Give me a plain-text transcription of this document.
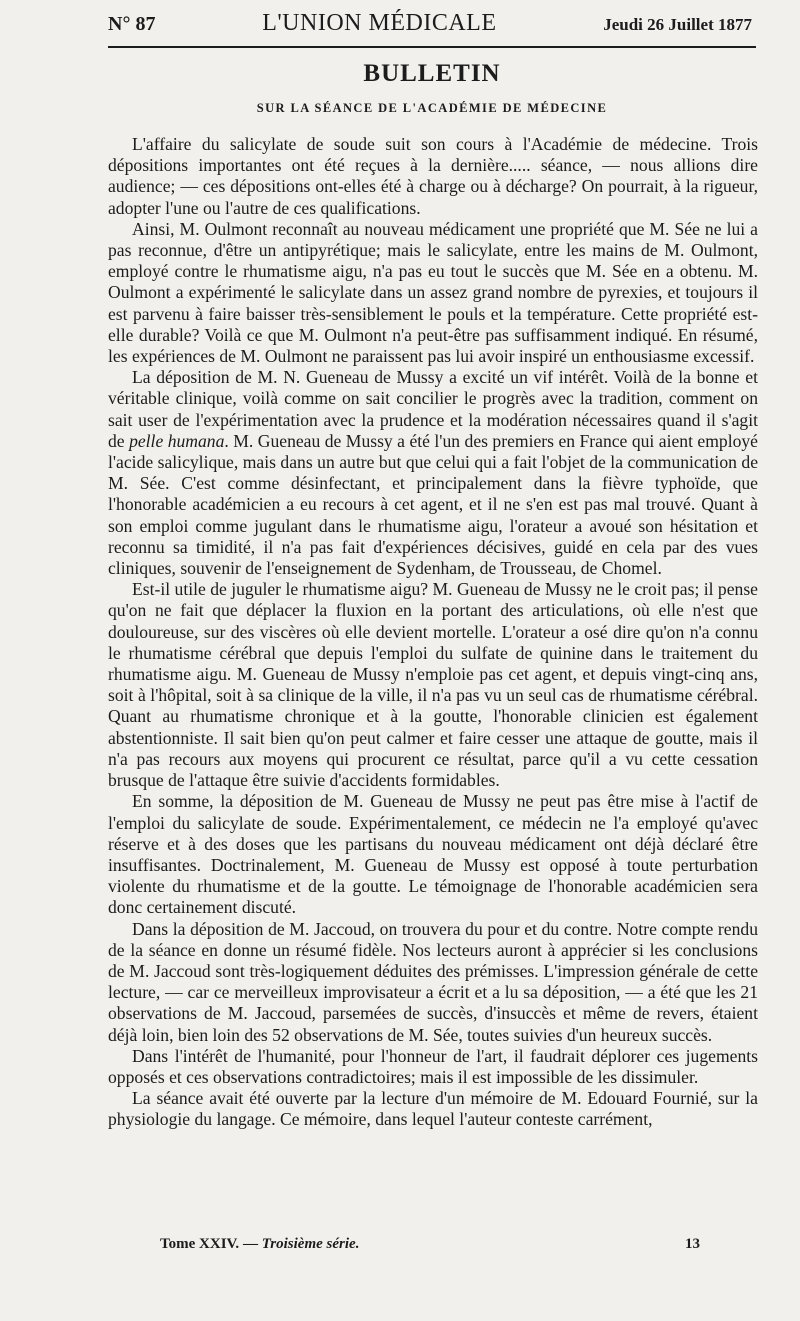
N° 87	L'UNION MÉDICALE	Jeudi 26 Juillet 1877
BULLETIN
SUR LA SÉANCE DE L'ACADÉMIE DE MÉDECINE

L'affaire du salicylate de soude suit son cours à l'Académie de médecine. Trois dépositions importantes ont été reçues à la dernière..... séance, — nous allions dire audience; — ces dépositions ont-elles été à charge ou à décharge? On pourrait, à la rigueur, adopter l'une ou l'autre de ces qualifications.

Ainsi, M. Oulmont reconnaît au nouveau médicament une propriété que M. Sée ne lui a pas reconnue, d'être un antipyrétique; mais le salicylate, entre les mains de M. Oulmont, employé contre le rhumatisme aigu, n'a pas eu tout le succès que M. Sée en a obtenu. M. Oulmont a expérimenté le salicylate dans un assez grand nombre de pyrexies, et toujours il est parvenu à faire baisser très-sensiblement le pouls et la température. Cette propriété est-elle durable? Voilà ce que M. Oulmont n'a peut-être pas suffisamment indiqué. En résumé, les expériences de M. Oulmont ne paraissent pas lui avoir inspiré un enthousiasme excessif.

La déposition de M. N. Gueneau de Mussy a excité un vif intérêt. Voilà de la bonne et véritable clinique, voilà comme on sait concilier le progrès avec la tradition, comment on sait user de l'expérimentation avec la prudence et la modération nécessaires quand il s'agit de pelle humana. M. Gueneau de Mussy a été l'un des premiers en France qui aient employé l'acide salicylique, mais dans un autre but que celui qui a fait l'objet de la communication de M. Sée. C'est comme désinfectant, et principalement dans la fièvre typhoïde, que l'honorable académicien a eu recours à cet agent, et il ne s'en est pas mal trouvé. Quant à son emploi comme jugulant dans le rhumatisme aigu, l'orateur a avoué son hésitation et reconnu sa timidité, il n'a pas fait d'expériences décisives, guidé en cela par des vues cliniques, souvenir de l'enseignement de Sydenham, de Trousseau, de Chomel.

Est-il utile de juguler le rhumatisme aigu? M. Gueneau de Mussy ne le croit pas; il pense qu'on ne fait que déplacer la fluxion en la portant des articulations, où elle n'est que douloureuse, sur des viscères où elle devient mortelle. L'orateur a osé dire qu'on n'a connu le rhumatisme cérébral que depuis l'emploi du sulfate de quinine dans le traitement du rhumatisme aigu. M. Gueneau de Mussy n'emploie pas cet agent, et depuis vingt-cinq ans, soit à l'hôpital, soit à sa clinique de la ville, il n'a pas vu un seul cas de rhumatisme cérébral. Quant au rhumatisme chronique et à la goutte, l'honorable clinicien est également abstentionniste. Il sait bien qu'on peut calmer et faire cesser une attaque de goutte, mais il n'a pas recours aux moyens qui procurent ce résultat, parce qu'il a vu cette cessation brusque de l'attaque être suivie d'accidents formidables.

En somme, la déposition de M. Gueneau de Mussy ne peut pas être mise à l'actif de l'emploi du salicylate de soude. Expérimentalement, ce médecin ne l'a employé qu'avec réserve et à des doses que les partisans du nouveau médicament ont déjà déclaré être insuffisantes. Doctrinalement, M. Gueneau de Mussy est opposé à toute perturbation violente du rhumatisme et de la goutte. Le témoignage de l'honorable académicien sera donc certainement discuté.

Dans la déposition de M. Jaccoud, on trouvera du pour et du contre. Notre compte rendu de la séance en donne un résumé fidèle. Nos lecteurs auront à apprécier si les conclusions de M. Jaccoud sont très-logiquement déduites des prémisses. L'impression générale de cette lecture, — car ce merveilleux improvisateur a écrit et a lu sa déposition, — a été que les 21 observations de M. Jaccoud, parsemées de succès, d'insuccès et même de revers, étaient déjà loin, bien loin des 52 observations de M. Sée, toutes suivies d'un heureux succès.

Dans l'intérêt de l'humanité, pour l'honneur de l'art, il faudrait déplorer ces jugements opposés et ces observations contradictoires; mais il est impossible de les dissimuler.

La séance avait été ouverte par la lecture d'un mémoire de M. Edouard Fournié, sur la physiologie du langage. Ce mémoire, dans lequel l'auteur conteste carrément,

Tome XXIV. — Troisième série.	13
